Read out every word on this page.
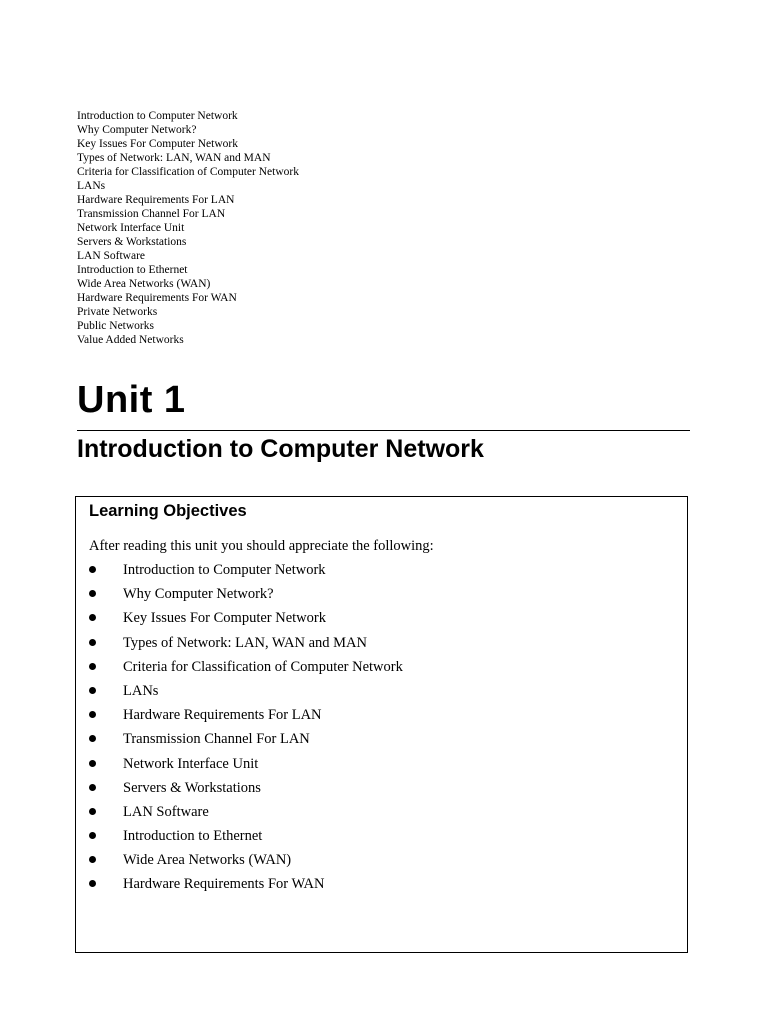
Introduction to Computer Network
Why Computer Network?
Key Issues For Computer Network
Types of Network: LAN, WAN and MAN
Criteria for Classification of Computer Network
LANs
Hardware Requirements For LAN
Transmission Channel For LAN
Network Interface Unit
Servers & Workstations
LAN Software
Introduction to Ethernet
Wide Area Networks (WAN)
Hardware Requirements For WAN
Private Networks
Public Networks
Value Added Networks
Unit 1
Introduction to Computer Network
Learning Objectives

After reading this unit you should appreciate the following:

Introduction to Computer Network
Why Computer Network?
Key Issues For Computer Network
Types of Network: LAN, WAN and MAN
Criteria for Classification of Computer Network
LANs
Hardware Requirements For LAN
Transmission Channel For LAN
Network Interface Unit
Servers & Workstations
LAN Software
Introduction to Ethernet
Wide Area Networks (WAN)
Hardware Requirements For WAN
